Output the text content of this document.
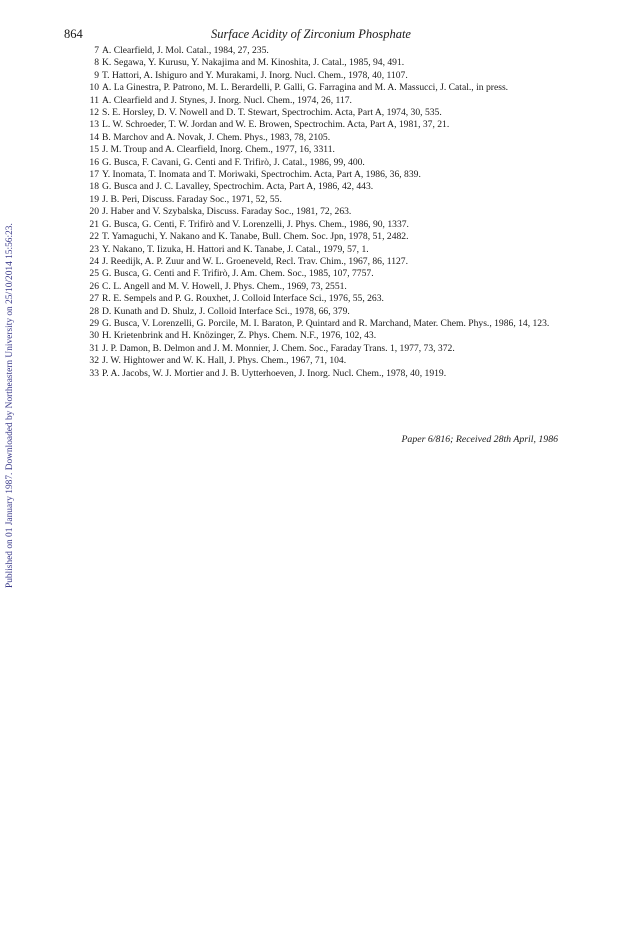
864	Surface Acidity of Zirconium Phosphate
Published on 01 January 1987. Downloaded by Northeastern University on 25/10/2014 15:56:23.
7 A. Clearfield, J. Mol. Catal., 1984, 27, 235.
8 K. Segawa, Y. Kurusu, Y. Nakajima and M. Kinoshita, J. Catal., 1985, 94, 491.
9 T. Hattori, A. Ishiguro and Y. Murakami, J. Inorg. Nucl. Chem., 1978, 40, 1107.
10 A. La Ginestra, P. Patrono, M. L. Berardelli, P. Galli, G. Farragina and M. A. Massucci, J. Catal., in press.
11 A. Clearfield and J. Stynes, J. Inorg. Nucl. Chem., 1974, 26, 117.
12 S. E. Horsley, D. V. Nowell and D. T. Stewart, Spectrochim. Acta, Part A, 1974, 30, 535.
13 L. W. Schroeder, T. W. Jordan and W. E. Browen, Spectrochim. Acta, Part A, 1981, 37, 21.
14 B. Marchov and A. Novak, J. Chem. Phys., 1983, 78, 2105.
15 J. M. Troup and A. Clearfield, Inorg. Chem., 1977, 16, 3311.
16 G. Busca, F. Cavani, G. Centi and F. Trifirò, J. Catal., 1986, 99, 400.
17 Y. Inomata, T. Inomata and T. Moriwaki, Spectrochim. Acta, Part A, 1986, 36, 839.
18 G. Busca and J. C. Lavalley, Spectrochim. Acta, Part A, 1986, 42, 443.
19 J. B. Peri, Discuss. Faraday Soc., 1971, 52, 55.
20 J. Haber and V. Szybalska, Discuss. Faraday Soc., 1981, 72, 263.
21 G. Busca, G. Centi, F. Trifirò and V. Lorenzelli, J. Phys. Chem., 1986, 90, 1337.
22 T. Yamaguchi, Y. Nakano and K. Tanabe, Bull. Chem. Soc. Jpn, 1978, 51, 2482.
23 Y. Nakano, T. Iizuka, H. Hattori and K. Tanabe, J. Catal., 1979, 57, 1.
24 J. Reedijk, A. P. Zuur and W. L. Groeneveld, Recl. Trav. Chim., 1967, 86, 1127.
25 G. Busca, G. Centi and F. Trifirò, J. Am. Chem. Soc., 1985, 107, 7757.
26 C. L. Angell and M. V. Howell, J. Phys. Chem., 1969, 73, 2551.
27 R. E. Sempels and P. G. Rouxhet, J. Colloid Interface Sci., 1976, 55, 263.
28 D. Kunath and D. Shulz, J. Colloid Interface Sci., 1978, 66, 379.
29 G. Busca, V. Lorenzelli, G. Porcile, M. I. Baraton, P. Quintard and R. Marchand, Mater. Chem. Phys., 1986, 14, 123.
30 H. Krietenbrink and H. Knözinger, Z. Phys. Chem. N.F., 1976, 102, 43.
31 J. P. Damon, B. Delmon and J. M. Monnier, J. Chem. Soc., Faraday Trans. 1, 1977, 73, 372.
32 J. W. Hightower and W. K. Hall, J. Phys. Chem., 1967, 71, 104.
33 P. A. Jacobs, W. J. Mortier and J. B. Uytterhoeven, J. Inorg. Nucl. Chem., 1978, 40, 1919.
Paper 6/816; Received 28th April, 1986
